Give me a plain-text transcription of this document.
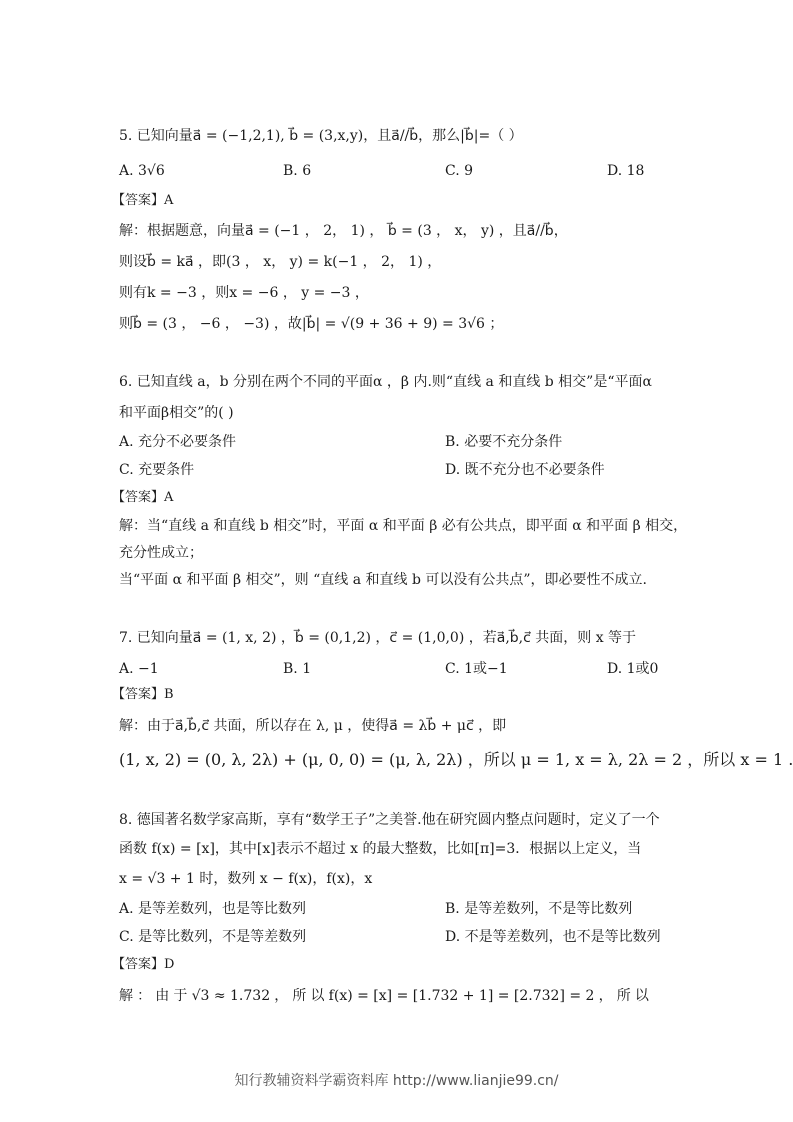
5. 已知向量a⃗ = (−1,2,1), b⃗ = (3,x,y)，且a⃗//b⃗，那么|b⃗|=（ ）
A. 3√6	B. 6	C. 9	D. 18
【答案】A
解：根据题意，向量a⃗ = (−1 ， 2， 1) ， b⃗ = (3 ， x， y) ，且a⃗//b⃗，
则设b⃗ = ka⃗ ，即(3 ， x， y) = k(−1 ， 2， 1) ，
则有k = −3 ，则x = −6 ， y = −3 ，
则b⃗ = (3 ， −6 ， −3) ，故|b⃗| = √(9 + 36 + 9) = 3√6 ；
6. 已知直线 a，b 分别在两个不同的平面α ，β 内.则“直线 a 和直线 b 相交”是“平面α
和平面β相交”的( )
A. 充分不必要条件	B. 必要不充分条件
C. 充要条件	D. 既不充分也不必要条件
【答案】A
解：当“直线 a 和直线 b 相交”时，平面 α 和平面 β 必有公共点，即平面 α 和平面 β 相交，
充分性成立；
当“平面 α 和平面 β 相交”，则 “直线 a 和直线 b 可以没有公共点”，即必要性不成立.
7. 已知向量a⃗ = (1, x, 2) ，b⃗ = (0,1,2) ，c⃗ = (1,0,0) ，若a⃗,b⃗,c⃗ 共面，则 x 等于
A. −1	B. 1	C. 1或−1	D. 1或0
【答案】B
解：由于a⃗,b⃗,c⃗ 共面，所以存在 λ, μ ，使得a⃗ = λb⃗ + μc⃗ ，即
(1, x, 2) = (0, λ, 2λ) + (μ, 0, 0) = (μ, λ, 2λ) ，所以 μ = 1, x = λ, 2λ = 2 ，所以 x = 1 .
8. 德国著名数学家高斯，享有“数学王子”之美誉.他在研究圆内整点问题时，定义了一个
函数 f(x) = [x]，其中[x]表示不超过 x 的最大整数，比如[π]=3．根据以上定义，当
x = √3 + 1 时，数列 x − f(x)，f(x)，x
A. 是等差数列，也是等比数列	B. 是等差数列，不是等比数列
C. 是等比数列，不是等差数列	D. 不是等差数列，也不是等比数列
【答案】D
解 ： 由 于 √3 ≈ 1.732 ， 所 以 f(x) = [x] = [1.732 + 1] = [2.732] = 2 ， 所 以
知行教辅资料学霸资料库 http://www.lianjie99.cn/
